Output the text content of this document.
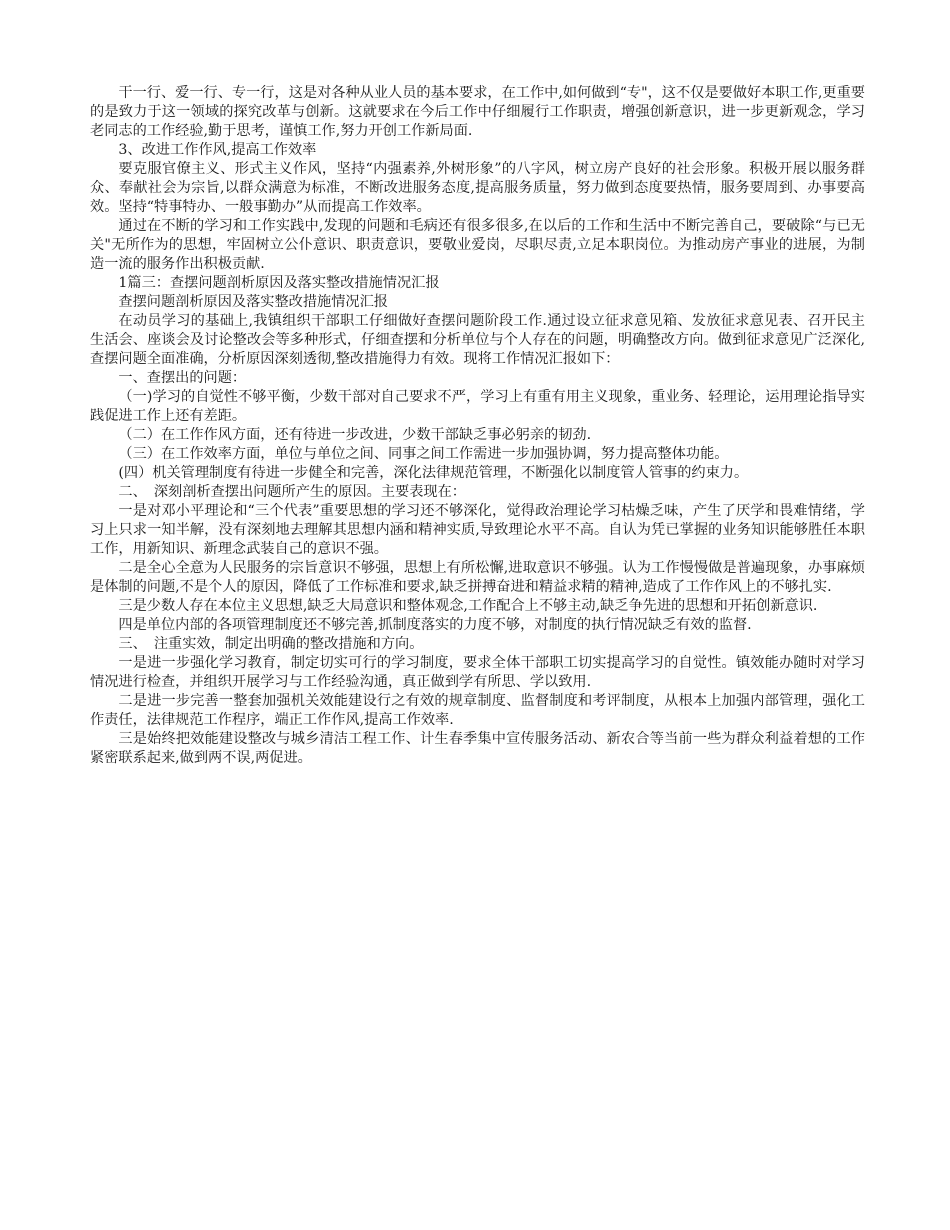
干一行、爱一行、专一行，这是对各种从业人员的基本要求，在工作中,如何做到“专"，这不仅是要做好本职工作,更重要的是致力于这一领域的探究改革与创新。这就要求在今后工作中仔细履行工作职责，增强创新意识，进一步更新观念，学习老同志的工作经验,勤于思考，谨慎工作,努力开创工作新局面.

3、改进工作作风,提高工作效率

要克服官僚主义、形式主义作风，坚持“内强素养,外树形象”的八字风，树立房产良好的社会形象。积极开展以服务群众、奉献社会为宗旨,以群众满意为标准，不断改进服务态度,提高服务质量，努力做到态度要热情，服务要周到、办事要高效。坚持“特事特办、一般事勤办”从而提高工作效率。

通过在不断的学习和工作实践中,发现的问题和毛病还有很多很多,在以后的工作和生活中不断完善自己，要破除“与已无关"无所作为的思想，牢固树立公仆意识、职责意识，要敬业爱岗，尽职尽责,立足本职岗位。为推动房产事业的进展，为制造一流的服务作出积极贡献.

1篇三：查摆问题剖析原因及落实整改措施情况汇报

查摆问题剖析原因及落实整改措施情况汇报

在动员学习的基础上,我镇组织干部职工仔细做好查摆问题阶段工作.通过设立征求意见箱、发放征求意见表、召开民主生活会、座谈会及讨论整改会等多种形式，仔细查摆和分析单位与个人存在的问题，明确整改方向。做到征求意见广泛深化,查摆问题全面准确，分析原因深刻透彻,整改措施得力有效。现将工作情况汇报如下：

一、查摆出的问题：

（一)学习的自觉性不够平衡，少数干部对自己要求不严，学习上有重有用主义现象，重业务、轻理论，运用理论指导实践促进工作上还有差距。

（二）在工作作风方面，还有待进一步改进，少数干部缺乏事必躬亲的韧劲.

（三）在工作效率方面，单位与单位之间、同事之间工作需进一步加强协调，努力提高整体功能。

(四）机关管理制度有待进一步健全和完善，深化法律规范管理，不断强化以制度管人管事的约束力。

二、　深刻剖析查摆出问题所产生的原因。主要表现在：

一是对邓小平理论和“三个代表”重要思想的学习还不够深化，觉得政治理论学习枯燥乏味，产生了厌学和畏难情绪，学习上只求一知半解，没有深刻地去理解其思想内涵和精神实质,导致理论水平不高。自认为凭已掌握的业务知识能够胜任本职工作，用新知识、新理念武装自己的意识不强。

二是全心全意为人民服务的宗旨意识不够强，思想上有所松懈,进取意识不够强。认为工作慢慢做是普遍现象，办事麻烦是体制的问题,不是个人的原因，降低了工作标准和要求,缺乏拼搏奋进和精益求精的精神,造成了工作作风上的不够扎实.

三是少数人存在本位主义思想,缺乏大局意识和整体观念,工作配合上不够主动,缺乏争先进的思想和开拓创新意识.

四是单位内部的各项管理制度还不够完善,抓制度落实的力度不够，对制度的执行情况缺乏有效的监督.

三、　注重实效，制定出明确的整改措施和方向。

一是进一步强化学习教育，制定切实可行的学习制度，要求全体干部职工切实提高学习的自觉性。镇效能办随时对学习情况进行检查，并组织开展学习与工作经验沟通，真正做到学有所思、学以致用.

二是进一步完善一整套加强机关效能建设行之有效的规章制度、监督制度和考评制度，从根本上加强内部管理，强化工作责任，法律规范工作程序，端正工作作风,提高工作效率.

三是始终把效能建设整改与城乡清洁工程工作、计生春季集中宣传服务活动、新农合等当前一些为群众利益着想的工作紧密联系起来,做到两不误,两促进。
